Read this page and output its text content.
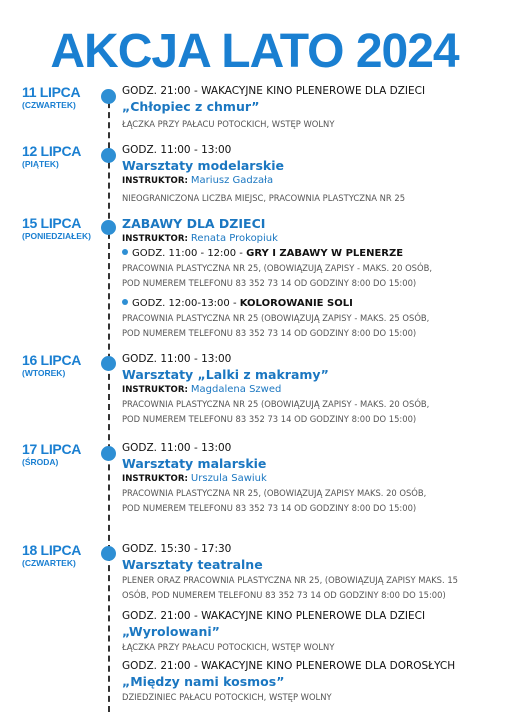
AKCJA LATO 2024
11 LIPCA
(CZWARTEK)
GODZ. 21:00 - WAKACYJNE KINO PLENEROWE DLA DZIECI
„Chłopiec z chmur”
ŁĄCZKA PRZY PAŁACU POTOCKICH, WSTĘP WOLNY
12 LIPCA
(PIĄTEK)
GODZ. 11:00 - 13:00
Warsztaty modelarskie
INSTRUKTOR: Mariusz Gadzała
NIEOGRANICZONA LICZBA MIEJSC, PRACOWNIA PLASTYCZNA NR 25
15 LIPCA
(PONIEDZIAŁEK)
ZABAWY DLA DZIECI
INSTRUKTOR: Renata Prokopiuk
GODZ. 11:00 - 12:00 - GRY I ZABAWY W PLENERZE
PRACOWNIA PLASTYCZNA NR 25, (OBOWIĄZUJĄ ZAPISY - MAKS. 20 OSÓB,
POD NUMEREM TELEFONU 83 352 73 14 OD GODZINY 8:00 DO 15:00)
GODZ. 12:00-13:00 - KOLOROWANIE SOLI
PRACOWNIA PLASTYCZNA NR 25 (OBOWIĄZUJĄ ZAPISY - MAKS. 25 OSÓB,
POD NUMEREM TELEFONU 83 352 73 14 OD GODZINY 8:00 DO 15:00)
16 LIPCA
(WTOREK)
GODZ. 11:00 - 13:00
Warsztaty „Lalki z makramy”
INSTRUKTOR: Magdalena Szwed
PRACOWNIA PLASTYCZNA NR 25 (OBOWIĄZUJĄ ZAPISY - MAKS. 20 OSÓB,
POD NUMEREM TELEFONU 83 352 73 14 OD GODZINY 8:00 DO 15:00)
17 LIPCA
(ŚRODA)
GODZ. 11:00 - 13:00
Warsztaty malarskie
INSTRUKTOR: Urszula Sawiuk
PRACOWNIA PLASTYCZNA NR 25, (OBOWIĄZUJĄ ZAPISY MAKS. 20 OSÓB,
POD NUMEREM TELEFONU 83 352 73 14 OD GODZINY 8:00 DO 15:00)
18 LIPCA
(CZWARTEK)
GODZ. 15:30 - 17:30
Warsztaty teatralne
PLENER ORAZ PRACOWNIA PLASTYCZNA NR 25, (OBOWIĄZUJĄ ZAPISY MAKS. 15
OSÓB, POD NUMEREM TELEFONU 83 352 73 14 OD GODZINY 8:00 DO 15:00)
GODZ. 21:00 - WAKACYJNE KINO PLENEROWE DLA DZIECI
„Wyrolowani”
ŁĄCZKA PRZY PAŁACU POTOCKICH, WSTĘP WOLNY
GODZ. 21:00 - WAKACYJNE KINO PLENEROWE DLA DOROSŁYCH
„Między nami kosmos”
DZIEDZINIEC PAŁACU POTOCKICH, WSTĘP WOLNY
